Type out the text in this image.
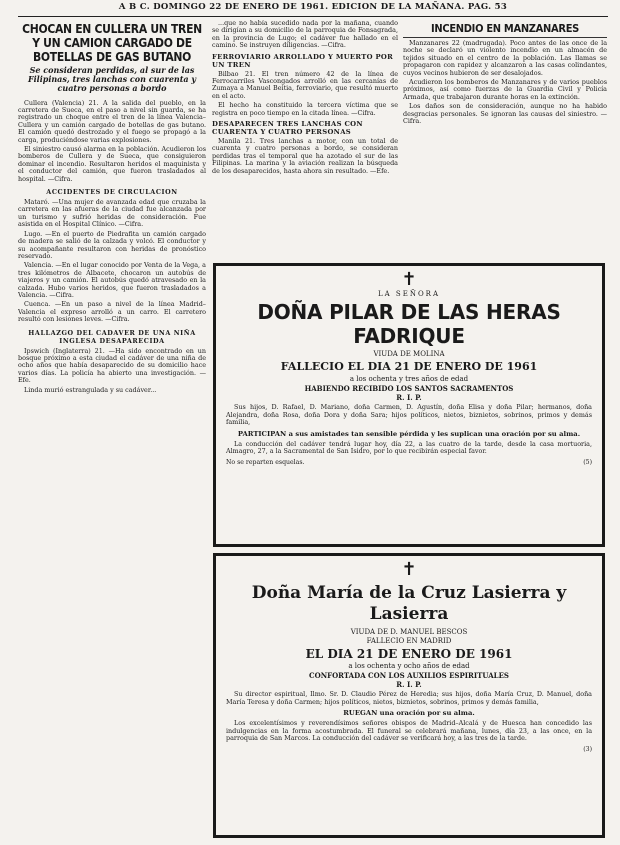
A B C. DOMINGO 22 DE ENERO DE 1961. EDICION DE LA MAÑANA. PAG. 53
CHOCAN EN CULLERA UN TREN Y UN CAMION CARGADO DE BOTELLAS DE GAS BUTANO
Se consideran perdidas, al sur de las Filipinas, tres lanchas con cuarenta y cuatro personas a bordo

Cullera (Valencia) 21. A la salida del pueblo, en la carretera de Sueca, en el paso a nivel sin guarda, se ha registrado un choque entre el tren de la línea Valencia–Cullera y un camión cargado de botellas de gas butano. El camión quedó destrozado y el fuego se propagó a la carga, produciéndose varias explosiones.

El siniestro causó alarma en la población. Acudieron los bomberos de Cullera y de Sueca, que consiguieron dominar el incendio. Resultaron heridos el maquinista y el conductor del camión, que fueron trasladados al hospital. —Cifra.

ACCIDENTES DE CIRCULACION

Mataró. —Una mujer de avanzada edad que cruzaba la carretera en las afueras de la ciudad fue alcanzada por un turismo y sufrió heridas de consideración. Fue asistida en el Hospital Clínico. —Cifra.

Lugo. —En el puerto de Piedrafita un camión cargado de madera se salió de la calzada y volcó. El conductor y su acompañante resultaron con heridas de pronóstico reservado.

Valencia. —En el lugar conocido por Venta de la Vega, a tres kilómetros de Albacete, chocaron un autobús de viajeros y un camión. El autobús quedó atravesado en la calzada. Hubo varios heridos, que fueron trasladados a Valencia. —Cifra.

Cuenca. —En un paso a nivel de la línea Madrid–Valencia el expreso arrolló a un carro. El carretero resultó con lesiones leves. —Cifra.

HALLAZGO DEL CADAVER DE UNA NIÑA INGLESA DESAPARECIDA

Ipswich (Inglaterra) 21. —Ha sido encontrado en un bosque próximo a esta ciudad el cadáver de una niña de ocho años que había desaparecido de su domicilio hace varios días. La policía ha abierto una investigación. —Efe.

Linda murió estrangulada y su cadáver...

...que no había sucedido nada por la mañana, cuando se dirigían a su domicilio de la parroquia de Fonsagrada, en la provincia de Lugo; el cadáver fue hallado en el camino. Se instruyen diligencias. —Cifra.

FERROVIARIO ARROLLADO Y MUERTO POR UN TREN

Bilbao 21. El tren número 42 de la línea de Ferrocarriles Vascongados arrolló en las cercanías de Zumaya a Manuel Beitia, ferroviario, que resultó muerto en el acto.

El hecho ha constituido la tercera víctima que se registra en poco tiempo en la citada línea. —Cifra.

DESAPARECEN TRES LANCHAS CON CUARENTA Y CUATRO PERSONAS

Manila 21. Tres lanchas a motor, con un total de cuarenta y cuatro personas a bordo, se consideran perdidas tras el temporal que ha azotado el sur de las Filipinas. La marina y la aviación realizan la búsqueda de los desaparecidos, hasta ahora sin resultado. —Efe.

INCENDIO EN MANZANARES

Manzanares 22 (madrugada). Poco antes de las once de la noche se declaró un violento incendio en un almacén de tejidos situado en el centro de la población. Las llamas se propagaron con rapidez y alcanzaron a las casas colindantes, cuyos vecinos hubieron de ser desalojados.

Acudieron los bomberos de Manzanares y de varios pueblos próximos, así como fuerzas de la Guardia Civil y Policía Armada, que trabajaron durante horas en la extinción.

Los daños son de consideración, aunque no ha habido desgracias personales. Se ignoran las causas del siniestro. —Cifra.

✝
LA SEÑORA
DOÑA PILAR DE LAS HERAS FADRIQUE
VIUDA DE MOLINA
FALLECIO EL DIA 21 DE ENERO DE 1961
a los ochenta y tres años de edad
HABIENDO RECIBIDO LOS SANTOS SACRAMENTOS
R. I. P.
Sus hijos, D. Rafael, D. Mariano, doña Carmen, D. Agustín, doña Elisa y doña Pilar; hermanos, doña Alejandra, doña Rosa, doña Dora y doña Sara; hijos políticos, nietos, biznietos, sobrinos, primos y demás familia,
PARTICIPAN a sus amistades tan sensible pérdida y les suplican una oración por su alma.
La conducción del cadáver tendrá lugar hoy, día 22, a las cuatro de la tarde, desde la casa mortuoria, Almagro, 27, a la Sacramental de San Isidro, por lo que recibirán especial favor.
No se reparten esquelas.	(5)
✝
Doña María de la Cruz Lasierra y Lasierra
VIUDA DE D. MANUEL BESCOS
FALLECIO EN MADRID
EL DIA 21 DE ENERO DE 1961
a los ochenta y ocho años de edad
CONFORTADA CON LOS AUXILIOS ESPIRITUALES
R. I. P.
Su director espiritual, Ilmo. Sr. D. Claudio Pérez de Heredia; sus hijos, doña María Cruz, D. Manuel, doña María Teresa y doña Carmen; hijos políticos, nietos, biznietos, sobrinos, primos y demás familia,
RUEGAN una oración por su alma.
Los excelentísimos y reverendísimos señores obispos de Madrid–Alcalá y de Huesca han concedido las indulgencias en la forma acostumbrada. El funeral se celebrará mañana, lunes, día 23, a las once, en la parroquia de San Marcos. La conducción del cadáver se verificará hoy, a las tres de la tarde.
(3)
